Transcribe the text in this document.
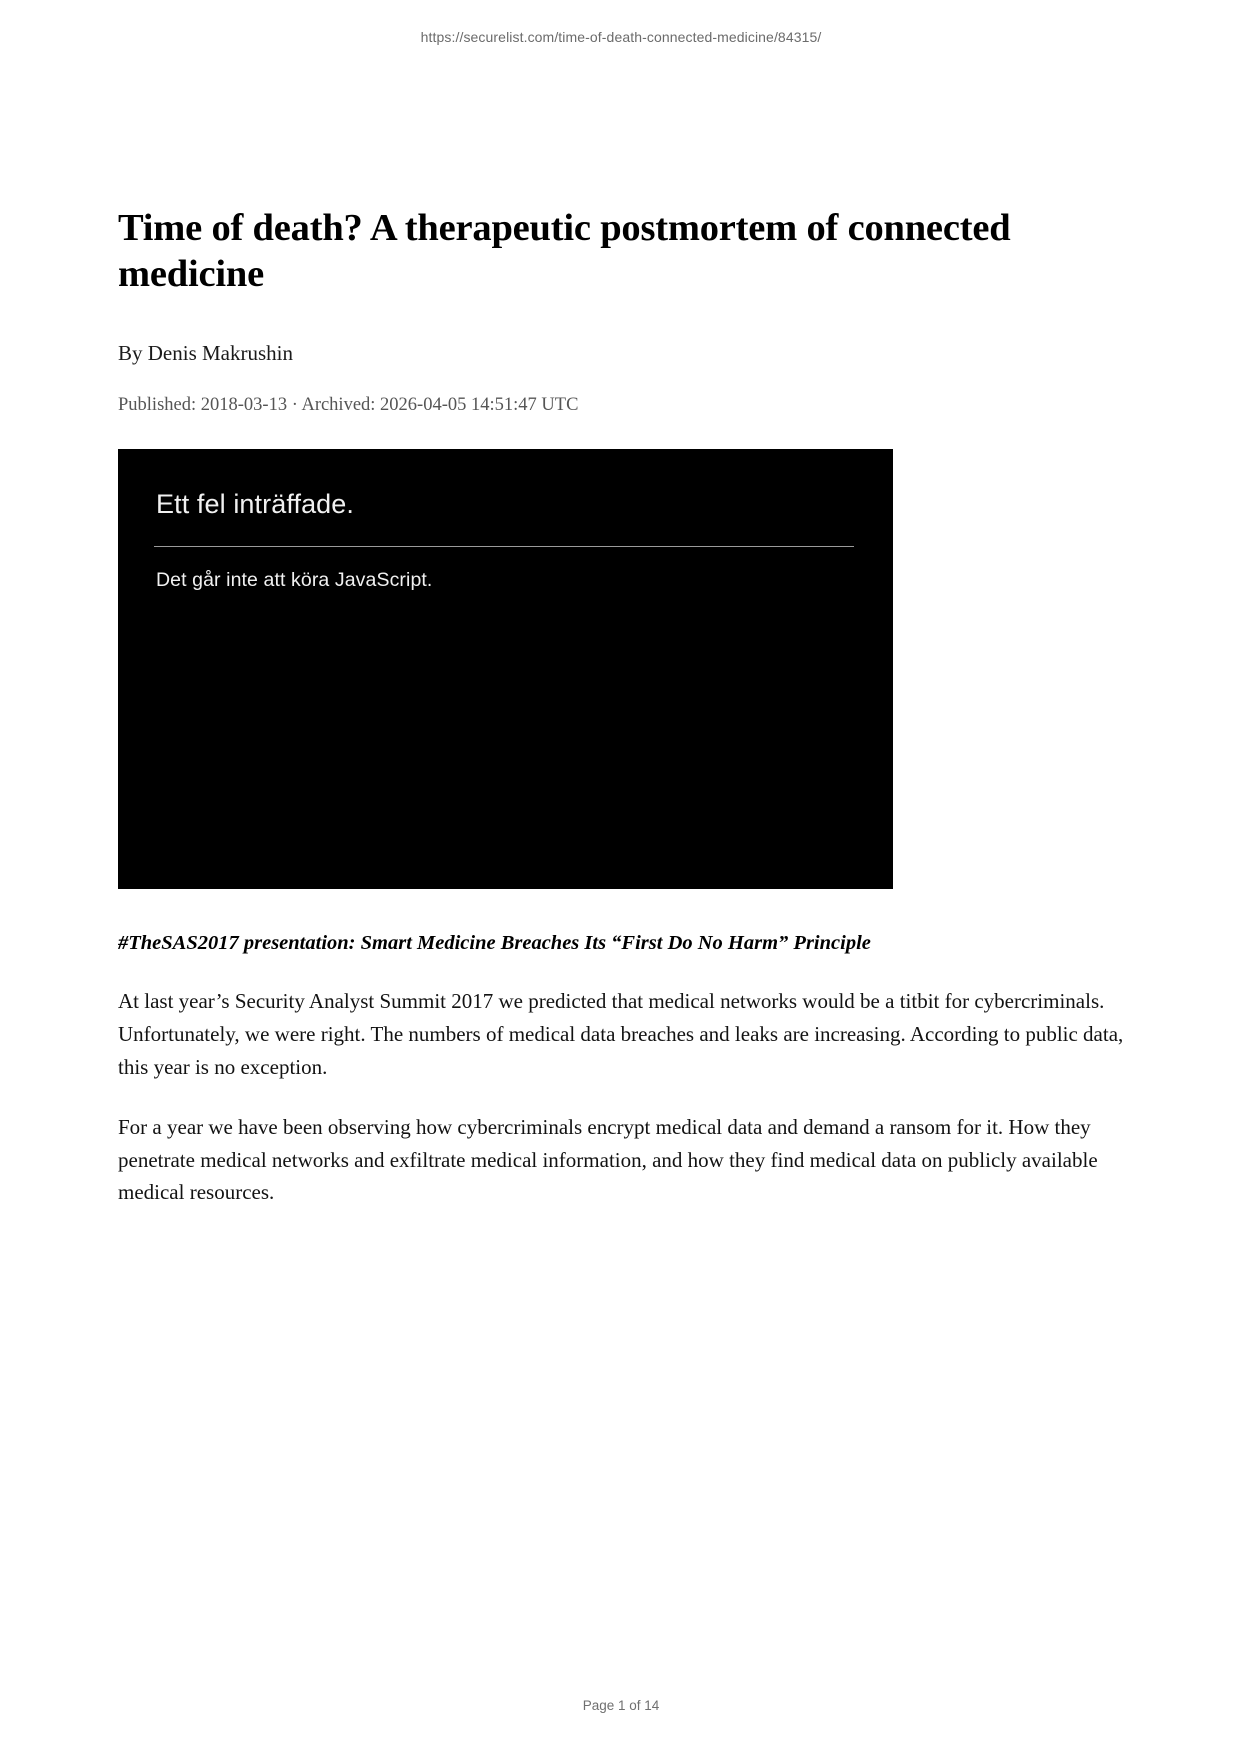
https://securelist.com/time-of-death-connected-medicine/84315/
Time of death? A therapeutic postmortem of connected medicine
By Denis Makrushin
Published: 2018-03-13 · Archived: 2026-04-05 14:51:47 UTC
Ett fel inträffade.
Det går inte att köra JavaScript.
#TheSAS2017 presentation: Smart Medicine Breaches Its “First Do No Harm” Principle

At last year’s Security Analyst Summit 2017 we predicted that medical networks would be a titbit for cybercriminals. Unfortunately, we were right. The numbers of medical data breaches and leaks are increasing. According to public data, this year is no exception.

For a year we have been observing how cybercriminals encrypt medical data and demand a ransom for it. How they penetrate medical networks and exfiltrate medical information, and how they find medical data on publicly available medical resources.

Page 1 of 14
